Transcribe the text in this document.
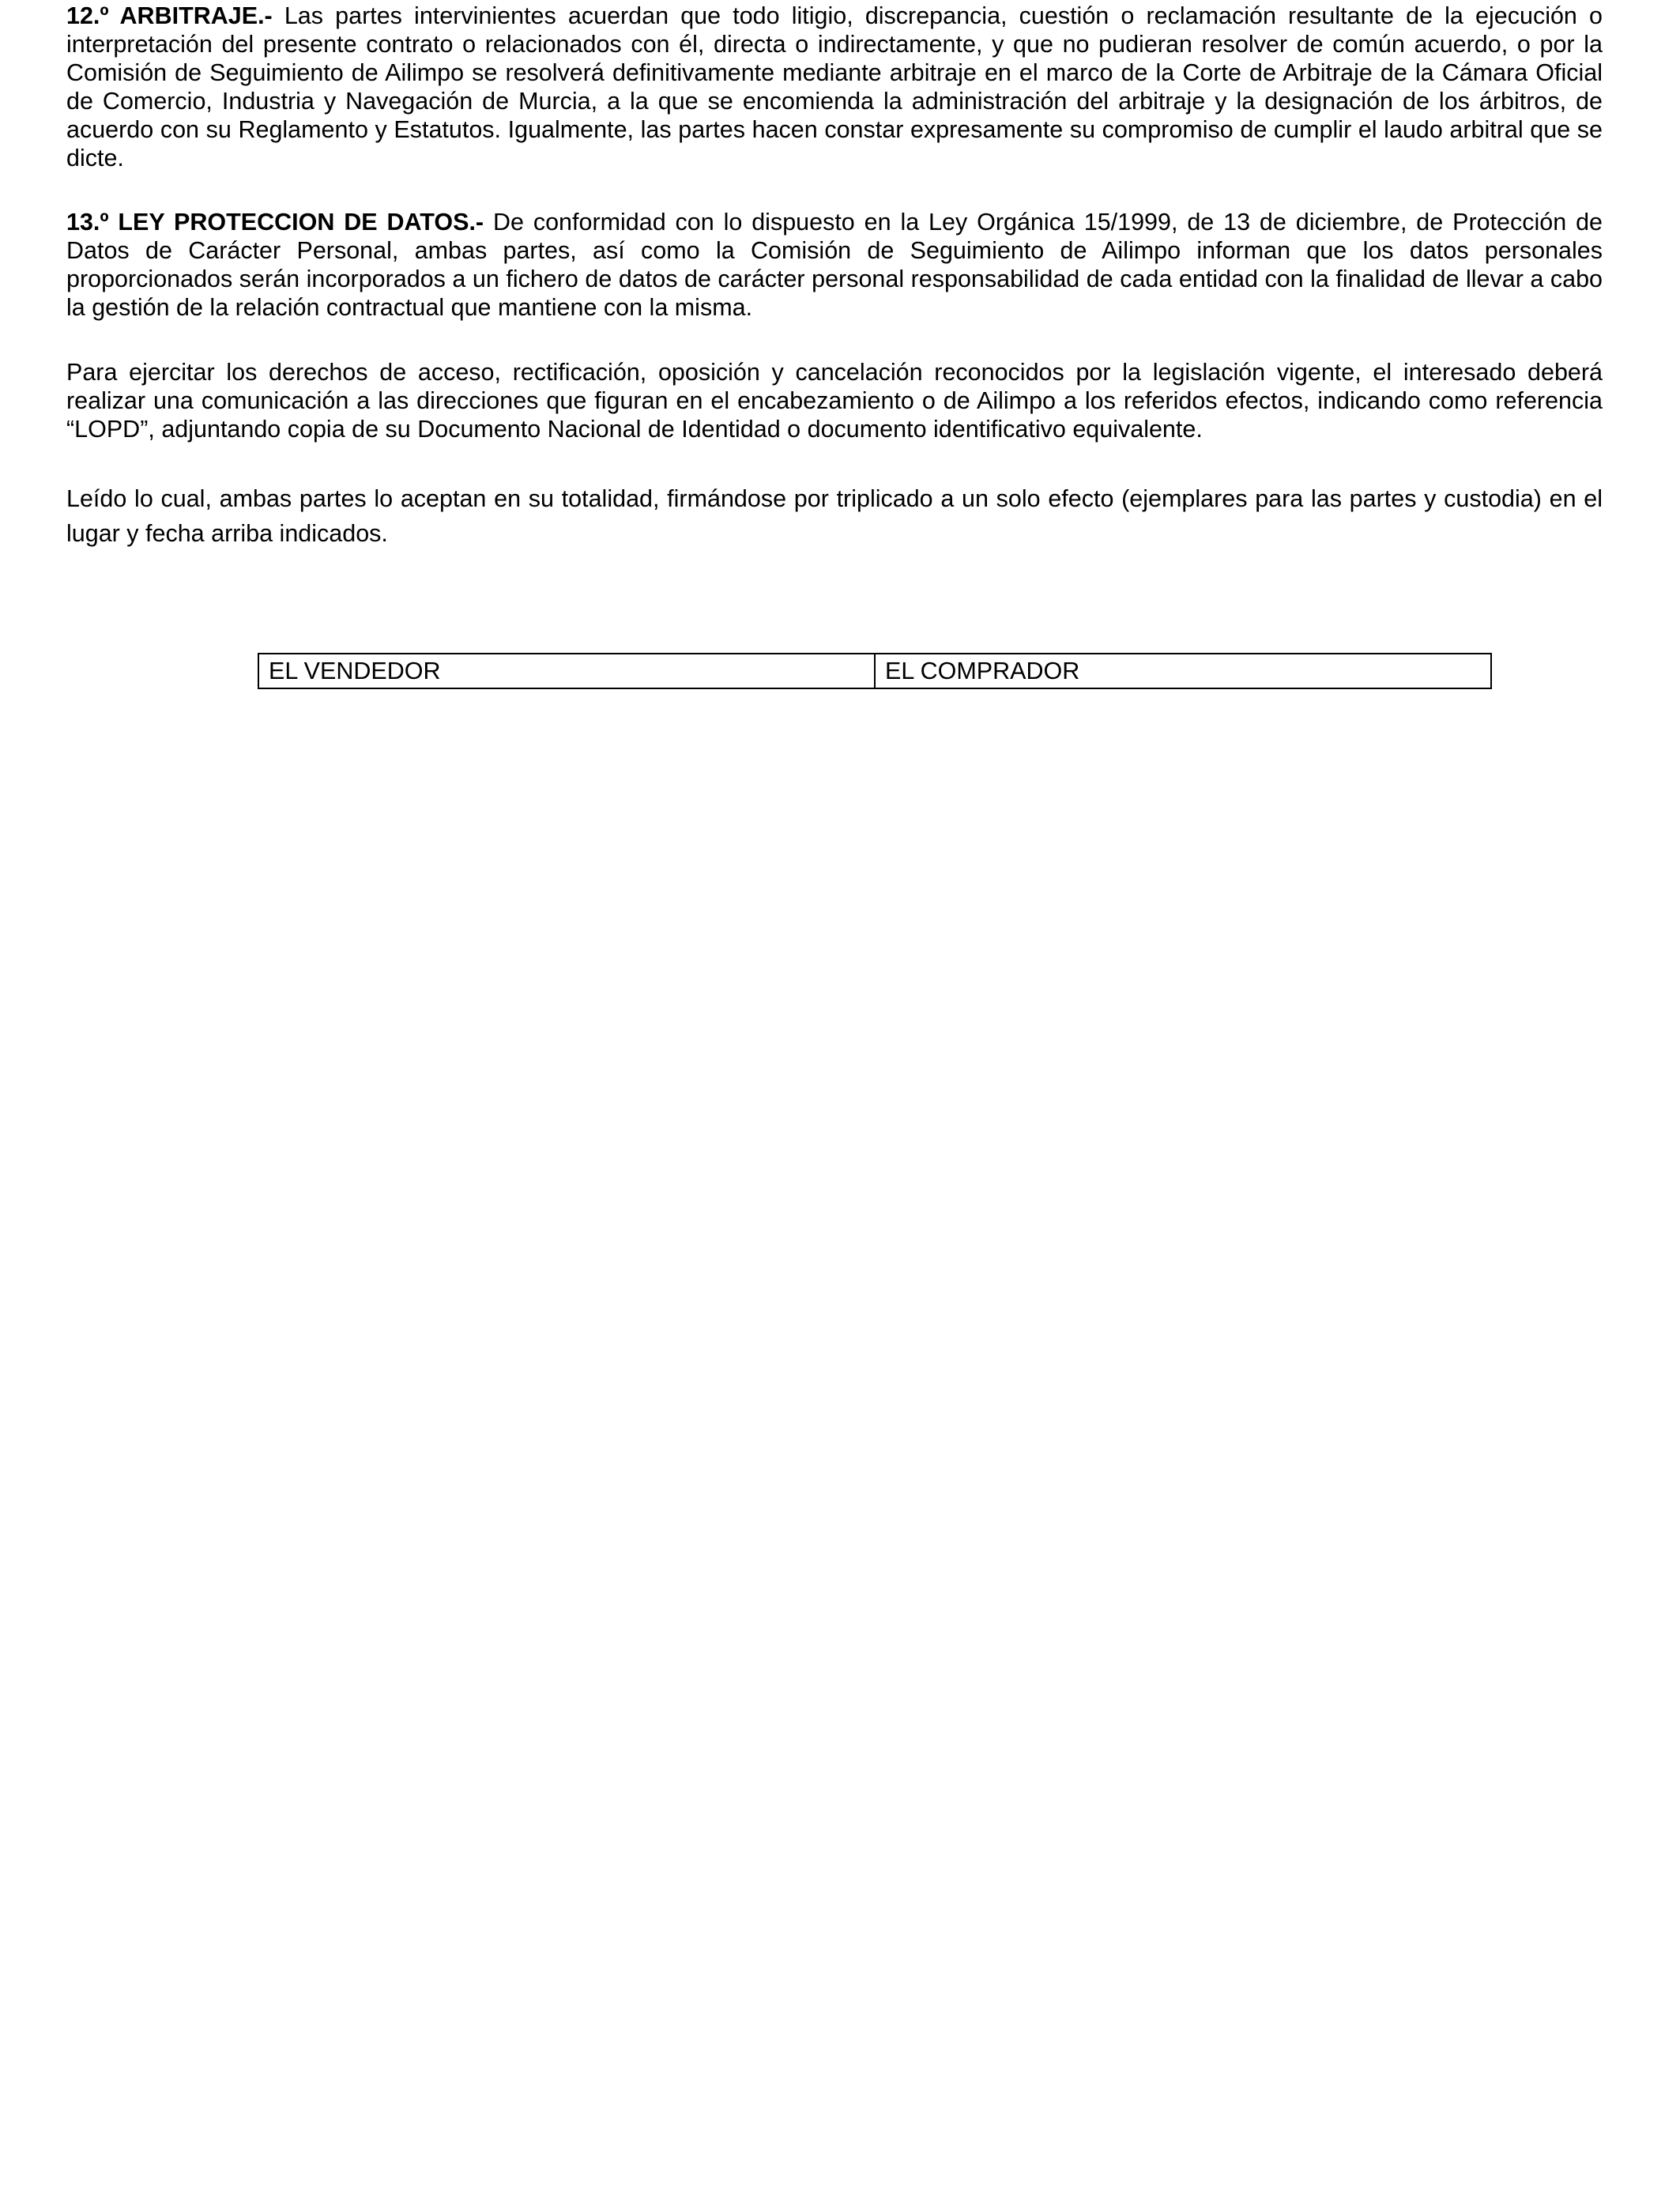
12.º ARBITRAJE.- Las partes intervinientes acuerdan que todo litigio, discrepancia, cuestión o reclamación resultante de la ejecución o interpretación del presente contrato o relacionados con él, directa o indirectamente, y que no pudieran resolver de común acuerdo, o por la Comisión de Seguimiento de Ailimpo se resolverá definitivamente mediante arbitraje en el marco de la Corte de Arbitraje de la Cámara Oficial de Comercio, Industria y Navegación de Murcia, a la que se encomienda la administración del arbitraje y la designación de los árbitros, de acuerdo con su Reglamento y Estatutos. Igualmente, las partes hacen constar expresamente su compromiso de cumplir el laudo arbitral que se dicte.

13.º LEY PROTECCION DE DATOS.- De conformidad con lo dispuesto en la Ley Orgánica 15/1999, de 13 de diciembre, de Protección de Datos de Carácter Personal, ambas partes, así como la Comisión de Seguimiento de Ailimpo informan que los datos personales proporcionados serán incorporados a un fichero de datos de carácter personal responsabilidad de cada entidad con la finalidad de llevar a cabo la gestión de la relación contractual que mantiene con la misma.

Para ejercitar los derechos de acceso, rectificación, oposición y cancelación reconocidos por la legislación vigente, el interesado deberá realizar una comunicación a las direcciones que figuran en el encabezamiento o de Ailimpo a los referidos efectos, indicando como referencia “LOPD”, adjuntando copia de su Documento Nacional de Identidad o documento identificativo equivalente.

Leído lo cual, ambas partes lo aceptan en su totalidad, firmándose por triplicado a un solo efecto (ejemplares para las partes y custodia) en el lugar y fecha arriba indicados.

EL VENDEDOR	EL COMPRADOR
